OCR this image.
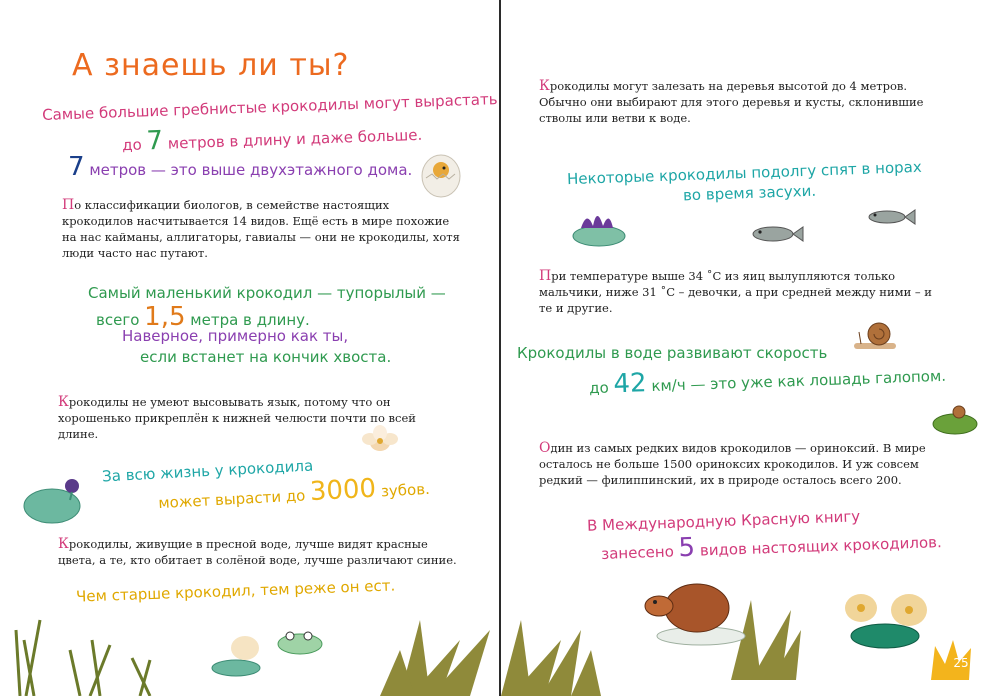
А знаешь ли ты?
Самые большие гребнистые крокодилы могут вырастать
до 7 метров в длину и даже больше.
7 метров — это выше двухэтажного дома.
По классификации биологов, в семействе настоящих крокодилов насчитывается 14 видов. Ещё есть в мире похожие на нас кайманы, аллигаторы, гавиалы — они не крокодилы, хотя люди часто нас путают.
Самый маленький крокодил — тупорылый —
всего 1,5 метра в длину.
Наверное, примерно как ты,
если встанет на кончик хвоста.
Крокодилы не умеют высовывать язык, потому что он хорошенько прикреплён к нижней челюсти почти по всей длине.
За всю жизнь у крокодила
может вырасти до 3000 зубов.
Крокодилы, живущие в пресной воде, лучше видят красные цвета, а те, кто обитает в солёной воде, лучше различают синие.
Чем старше крокодил, тем реже он ест.
Крокодилы могут залезать на деревья высотой до 4 метров. Обычно они выбирают для этого деревья и кусты, склонившие стволы или ветви к воде.
Некоторые крокодилы подолгу спят в норах
во время засухи.
При температуре выше 34 ˚С из яиц вылупляются только мальчики, ниже 31 ˚С – девочки, а при средней между ними – и те и другие.
Крокодилы в воде развивают скорость
до 42 км/ч — это уже как лошадь галопом.
Один из самых редких видов крокодилов — ориноксий. В мире осталось не больше 1500 ориноксих крокодилов. И уж совсем редкий — филиппинский, их в природе осталось всего 200.
В Международную Красную книгу
занесено 5 видов настоящих крокодилов.
25
